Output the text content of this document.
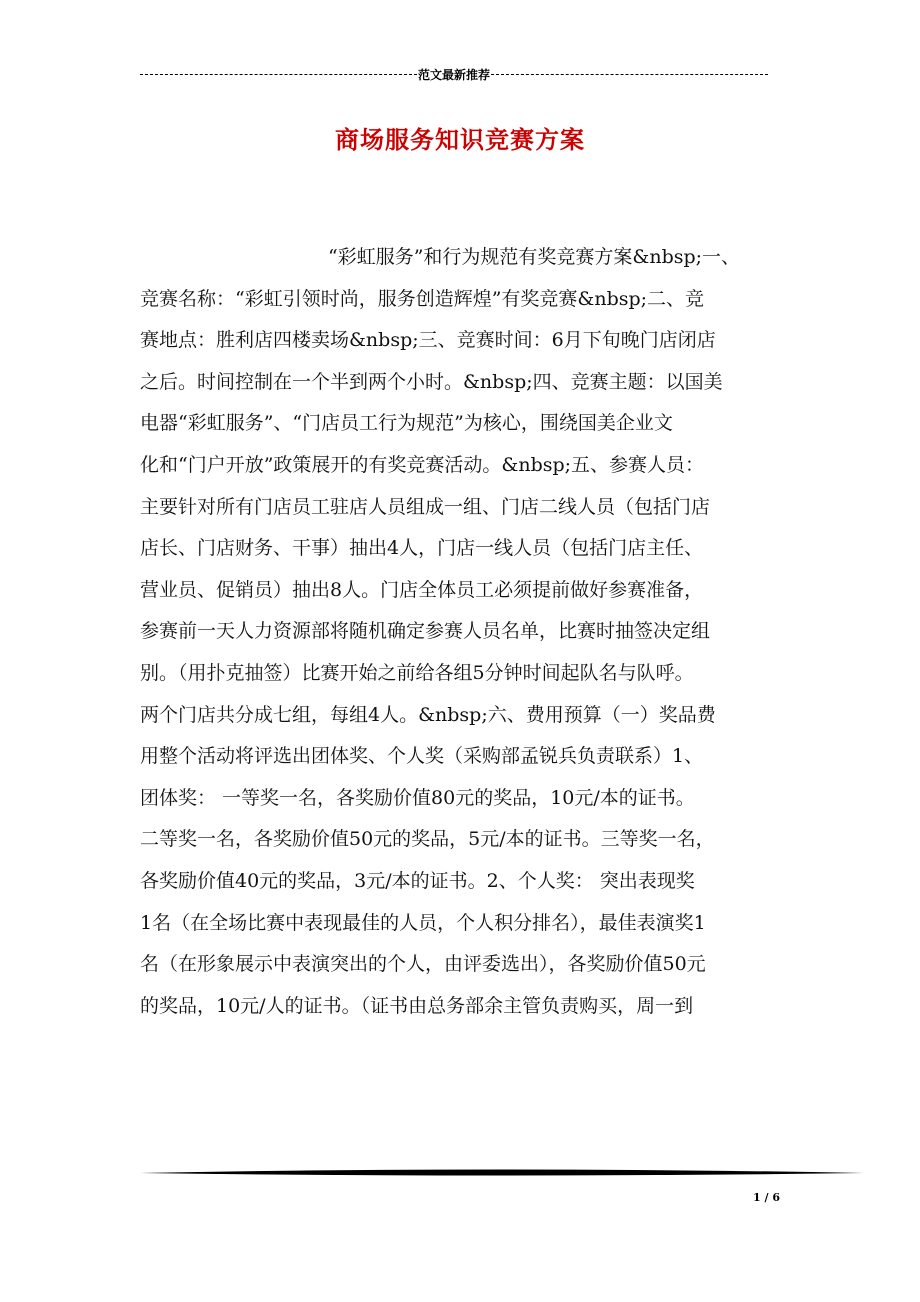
范文最新推荐
商场服务知识竞赛方案
“彩虹服务”和行为规范有奖竞赛方案&nbsp;一、
竞赛名称：“彩虹引领时尚，服务创造辉煌”有奖竞赛&nbsp;二、竞
赛地点：胜利店四楼卖场&nbsp;三、竞赛时间：6月下旬晚门店闭店
之后。时间控制在一个半到两个小时。&nbsp;四、竞赛主题：以国美
电器“彩虹服务”、“门店员工行为规范”为核心，围绕国美企业文
化和“门户开放”政策展开的有奖竞赛活动。&nbsp;五、参赛人员：
主要针对所有门店员工驻店人员组成一组、门店二线人员（包括门店
店长、门店财务、干事）抽出4人，门店一线人员（包括门店主任、
营业员、促销员）抽出8人。门店全体员工必须提前做好参赛准备，
参赛前一天人力资源部将随机确定参赛人员名单，比赛时抽签决定组
别。（用扑克抽签）比赛开始之前给各组5分钟时间起队名与队呼。
两个门店共分成七组，每组4人。&nbsp;六、费用预算（一）奖品费
用整个活动将评选出团体奖、个人奖（采购部孟锐兵负责联系）1、
团体奖： 一等奖一名，各奖励价值80元的奖品，10元/本的证书。
二等奖一名，各奖励价值50元的奖品，5元/本的证书。三等奖一名，
各奖励价值40元的奖品，3元/本的证书。2、个人奖： 突出表现奖
1名（在全场比赛中表现最佳的人员，个人积分排名），最佳表演奖1
名（在形象展示中表演突出的个人，由评委选出），各奖励价值50元
的奖品，10元/人的证书。（证书由总务部余主管负责购买，周一到
1 / 6
